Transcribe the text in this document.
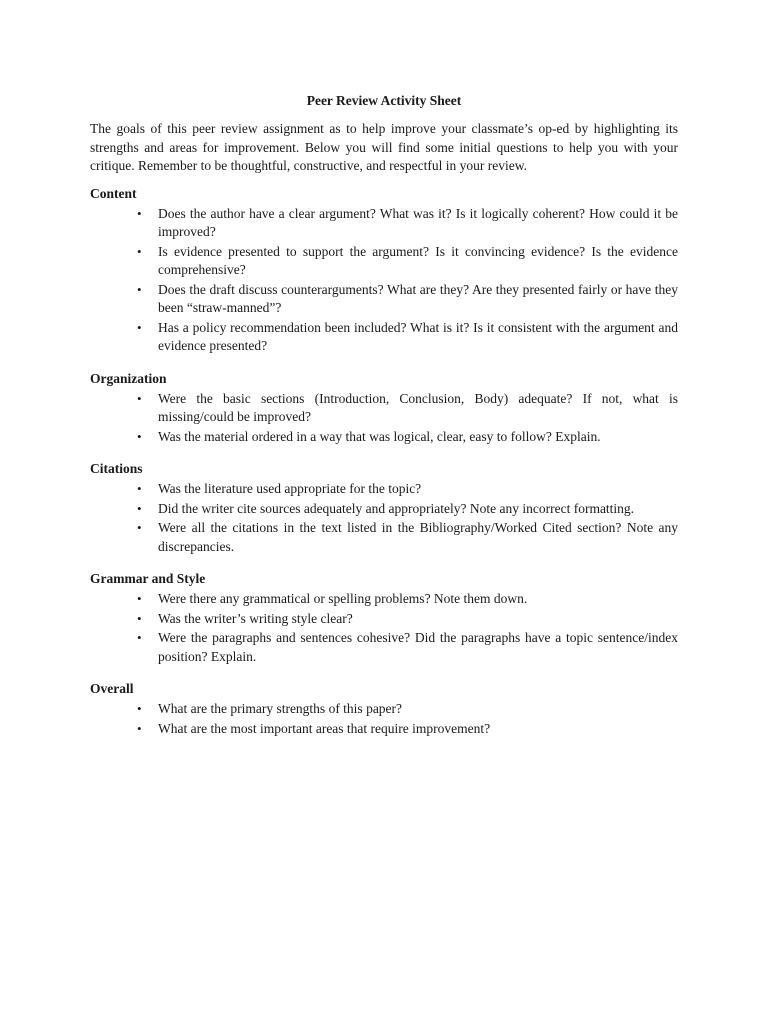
Peer Review Activity Sheet
The goals of this peer review assignment as to help improve your classmate’s op-ed by highlighting its strengths and areas for improvement. Below you will find some initial questions to help you with your critique. Remember to be thoughtful, constructive, and respectful in your review.
Content
• Does the author have a clear argument? What was it? Is it logically coherent? How could it be improved?
• Is evidence presented to support the argument? Is it convincing evidence? Is the evidence comprehensive?
• Does the draft discuss counterarguments? What are they? Are they presented fairly or have they been “straw-manned”?
• Has a policy recommendation been included? What is it? Is it consistent with the argument and evidence presented?
Organization
• Were the basic sections (Introduction, Conclusion, Body) adequate? If not, what is missing/could be improved?
• Was the material ordered in a way that was logical, clear, easy to follow? Explain.
Citations
• Was the literature used appropriate for the topic?
• Did the writer cite sources adequately and appropriately? Note any incorrect formatting.
• Were all the citations in the text listed in the Bibliography/Worked Cited section? Note any discrepancies.
Grammar and Style
• Were there any grammatical or spelling problems? Note them down.
• Was the writer’s writing style clear?
• Were the paragraphs and sentences cohesive? Did the paragraphs have a topic sentence/index position? Explain.
Overall
• What are the primary strengths of this paper?
• What are the most important areas that require improvement?
